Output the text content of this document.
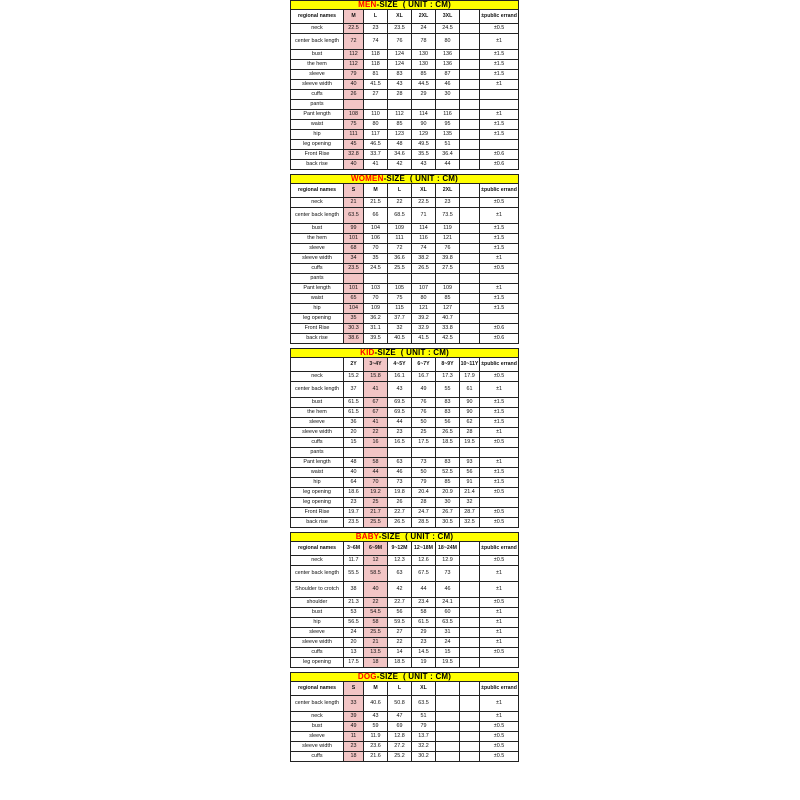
MEN-SIZE  ( UNIT : CM)							
regional names	M	L	XL	2XL	3XL		±public errand
neck	22.5	23	23.5	24	24.5		±0.5
center back length	72	74	76	78	80		±1
bust	112	118	124	130	136		±1.5
the hem	112	118	124	130	136		±1.5
sleeve	79	81	83	85	87		±1.5
sleeve width	40	41.5	43	44.5	46		±1
cuffs	26	27	28	29	30		
pants							
Pant length	108	110	112	114	116		±1
waist	75	80	85	90	95		±1.5
hip	111	117	123	129	135		±1.5
leg opening	45	46.5	48	49.5	51		
Front Rise	32.8	33.7	34.6	35.5	36.4		±0.6
back rise	40	41	42	43	44		±0.6
WOMEN-SIZE  ( UNIT : CM)							
regional names	S	M	L	XL	2XL		±public errand
neck	21	21.5	22	22.5	23		±0.5
center back length	63.5	66	68.5	71	73.5		±1
bust	99	104	109	114	119		±1.5
the hem	101	106	111	116	121		±1.5
sleeve	68	70	72	74	76		±1.5
sleeve width	34	35	36.6	38.2	39.8		±1
cuffs	23.5	24.5	25.5	26.5	27.5		±0.5
pants							
Pant length	101	103	105	107	109		±1
waist	65	70	75	80	85		±1.5
hip	104	109	115	121	127		±1.5
leg opening	35	36.2	37.7	39.2	40.7		
Front Rise	30.3	31.1	32	32.9	33.8		±0.6
back rise	38.6	39.5	40.5	41.5	42.5		±0.6
KID-SIZE  ( UNIT : CM)							
	2Y	3~4Y	4~5Y	6~7Y	8~9Y	10~11Y	±public errand
neck	15.2	15.8	16.1	16.7	17.3	17.9	±0.5
center back length	37	41	43	49	55	61	±1
bust	61.5	67	69.5	76	83	90	±1.5
the hem	61.5	67	69.5	76	83	90	±1.5
sleeve	36	41	44	50	56	62	±1.5
sleeve width	20	22	23	25	26.5	28	±1
cuffs	15	16	16.5	17.5	18.5	19.5	±0.5
pants							
Pant length	48	58	63	73	83	93	±1
waist	40	44	46	50	52.5	56	±1.5
hip	64	70	73	79	85	91	±1.5
leg opening	18.6	19.2	19.8	20.4	20.9	21.4	±0.5
leg opening	23	25	26	28	30	32	
Front Rise	19.7	21.7	22.7	24.7	26.7	28.7	±0.5
back rise	23.5	25.5	26.5	28.5	30.5	32.5	±0.5
BABY-SIZE  ( UNIT : CM)							
regional names	3~6M	6~9M	9~12M	12~18M	18~24M		±public errand
neck	11.7	12	12.3	12.6	12.9		±0.5
center back length	55.5	58.5	63	67.5	73		±1
Shoulder to crotch	38	40	42	44	46		±1
shoulder	21.3	22	22.7	23.4	24.1		±0.5
bust	53	54.5	56	58	60		±1
hip	56.5	58	59.5	61.5	63.5		±1
sleeve	24	25.5	27	29	31		±1
sleeve width	20	21	22	23	24		±1
cuffs	13	13.5	14	14.5	15		±0.5
leg opening	17.5	18	18.5	19	19.5		
DOG-SIZE  ( UNIT : CM)							
regional names	S	M	L	XL			±public errand
center back length	33	40.6	50.8	63.5			±1
neck	39	43	47	51			±1
bust	49	59	69	79			±0.5
sleeve	11	11.9	12.8	13.7			±0.5
sleeve width	23	23.6	27.2	32.2			±0.5
cuffs	18	21.6	25.2	30.2			±0.5
